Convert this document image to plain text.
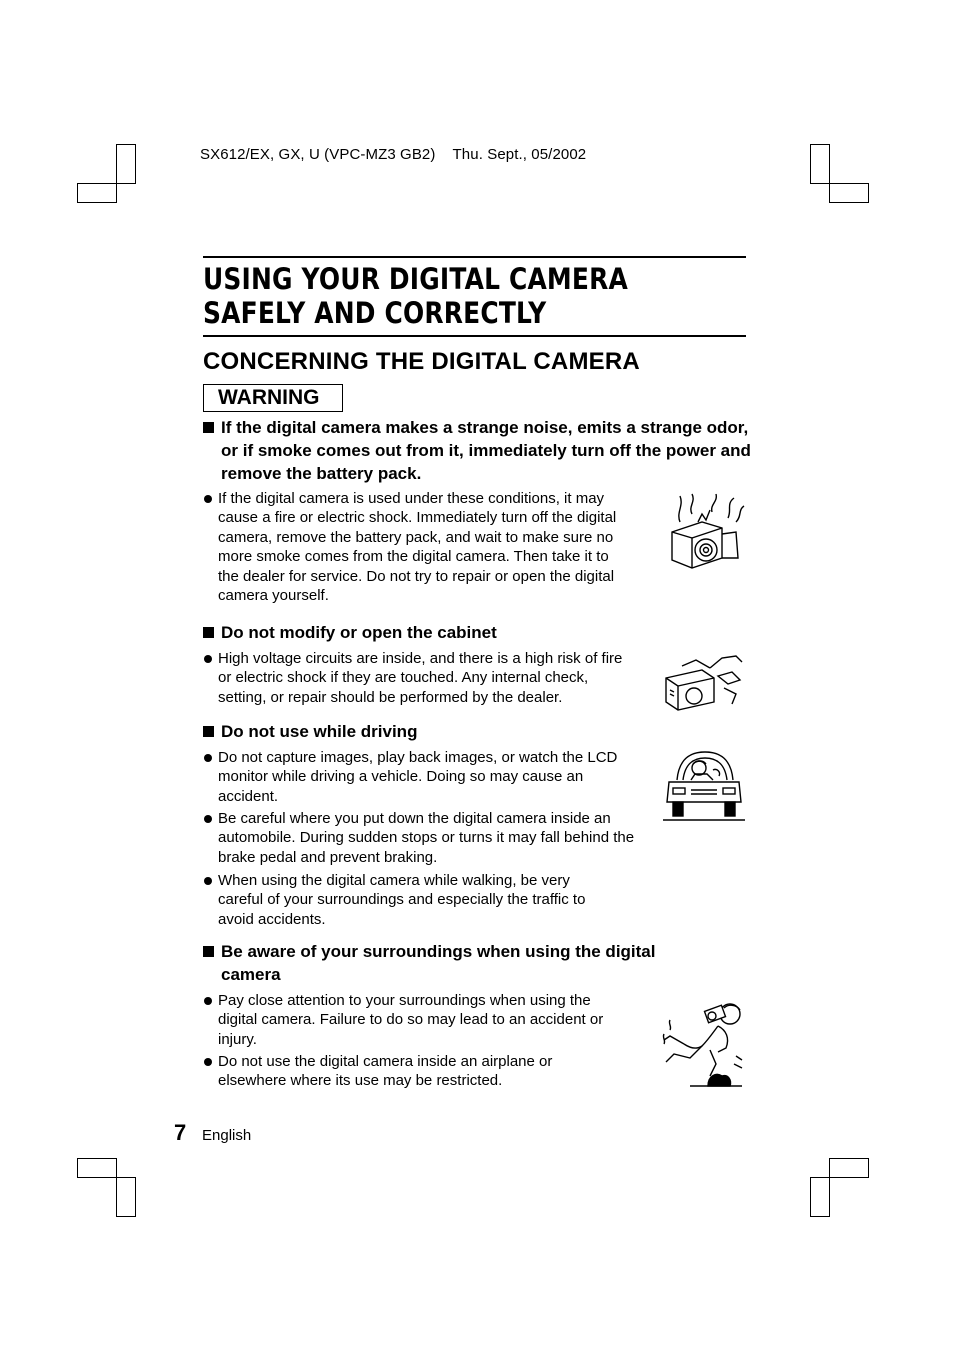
SX612/EX, GX, U (VPC-MZ3 GB2) Thu. Sept., 05/2002
USING YOUR DIGITAL CAMERA SAFELY AND CORRECTLY
CONCERNING THE DIGITAL CAMERA
WARNING
If the digital camera makes a strange noise, emits a strange odor, or if smoke comes out from it, immediately turn off the power and remove the battery pack.
If the digital camera is used under these conditions, it may cause a fire or electric shock. Immediately turn off the digital camera, remove the battery pack, and wait to make sure no more smoke comes from the digital camera. Then take it to the dealer for service. Do not try to repair or open the digital camera yourself.
Do not modify or open the cabinet
High voltage circuits are inside, and there is a high risk of fire or electric shock if they are touched. Any internal check, setting, or repair should be performed by the dealer.
Do not use while driving
Do not capture images, play back images, or watch the LCD monitor while driving a vehicle. Doing so may cause an accident.
Be careful where you put down the digital camera inside an automobile. During sudden stops or turns it may fall behind the brake pedal and prevent braking.
When using the digital camera while walking, be very careful of your surroundings and especially the traffic to avoid accidents.
Be aware of your surroundings when using the digital camera
Pay close attention to your surroundings when using the digital camera. Failure to do so may lead to an accident or injury.
Do not use the digital camera inside an airplane or elsewhere where its use may be restricted.
7 English
